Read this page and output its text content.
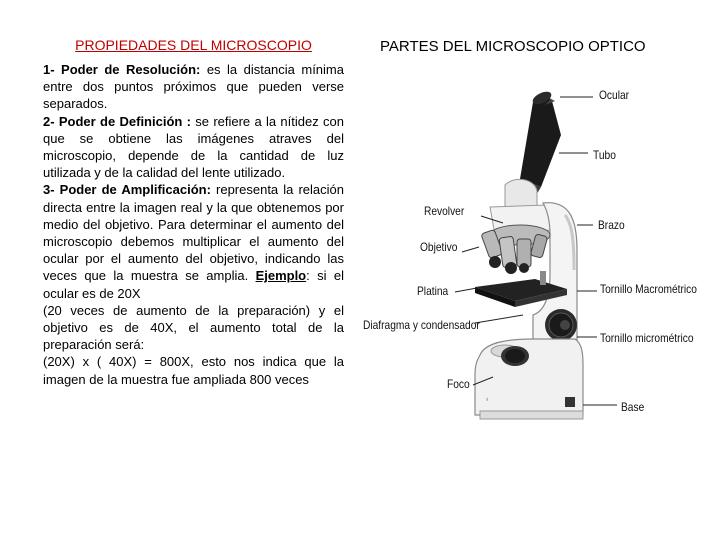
PROPIEDADES DEL MICROSCOPIO

1- Poder de Resolución: es la distancia mínima entre dos puntos próximos que pueden verse separados.
2- Poder de Definición : se refiere a la nítidez con que se obtiene las imágenes atraves del microscopio, depende de la cantidad de luz utilizada y de la calidad del lente utilizado.
3- Poder de Amplificación: representa la relación directa entre la imagen real y la que obtenemos por medio del objetivo. Para determinar el aumento del microscopio debemos multiplicar el aumento del ocular por el aumento del objetivo, indicando las veces que la muestra se amplia. Ejemplo: si el ocular es de 20X
(20 veces de aumento de la preparación) y el objetivo es de 40X, el aumento total de la preparación será:
(20X) x ( 40X) = 800X, esto nos indica que la imagen de la muestra fue ampliada 800 veces

PARTES DEL MICROSCOPIO OPTICO
♁
Ocular
Tubo
Revolver
Brazo
Objetivo
Platina	Tornillo Macrométrico
Diafragma y condensador
Tornillo micrométrico
Foco
Base
